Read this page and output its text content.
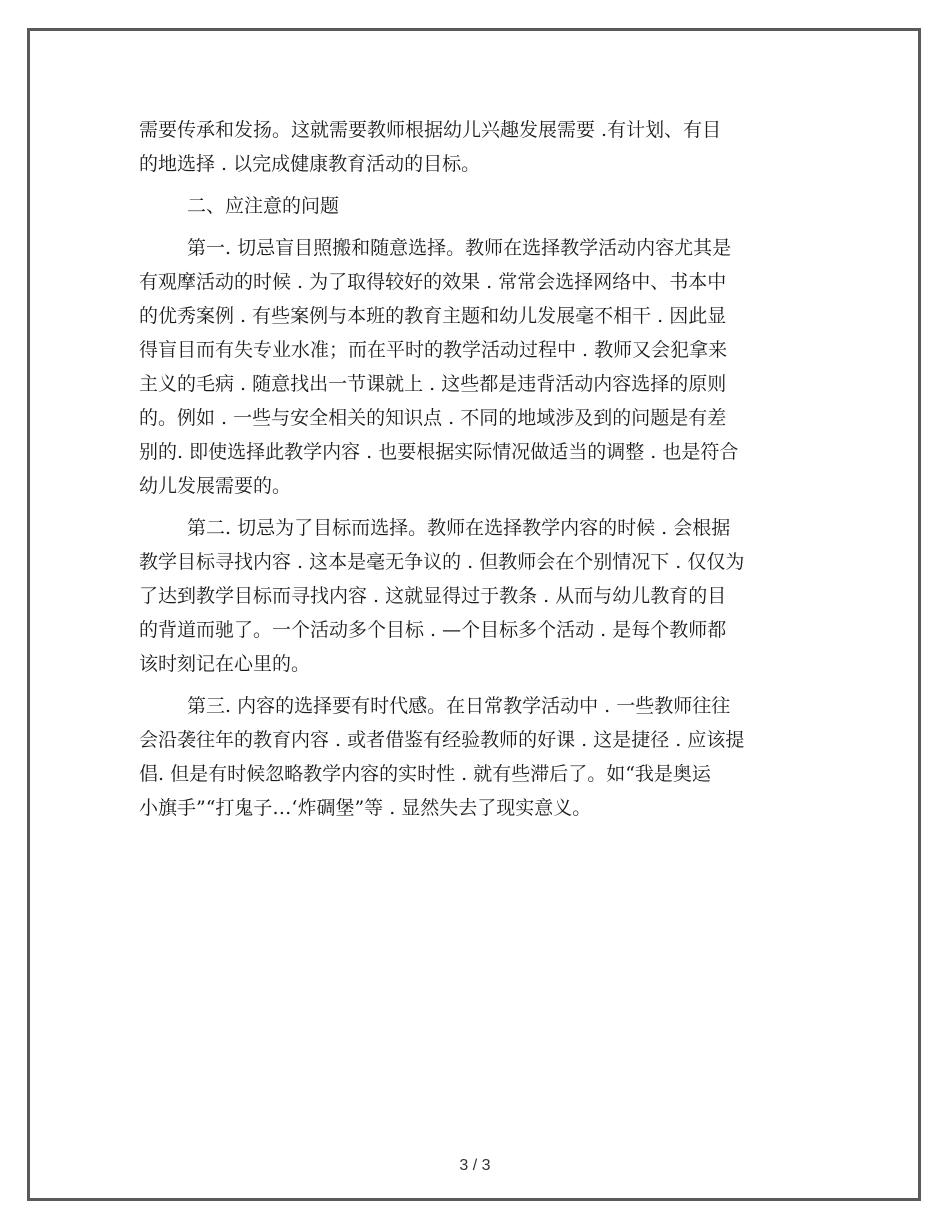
需要传承和发扬。这就需要教师根据幼儿兴趣发展需要 .有计划、有目
的地选择 . 以完成健康教育活动的目标。
二、应注意的问题
第一. 切忌盲目照搬和随意选择。教师在选择教学活动内容尤其是
有观摩活动的时候 . 为了取得较好的效果 . 常常会选择网络中、书本中
的优秀案例 . 有些案例与本班的教育主题和幼儿发展毫不相干 . 因此显
得盲目而有失专业水准；而在平时的教学活动过程中 . 教师又会犯拿来
主义的毛病 . 随意找出一节课就上 . 这些都是违背活动内容选择的原则
的。例如 . 一些与安全相关的知识点 . 不同的地域涉及到的问题是有差
别的. 即使选择此教学内容 . 也要根据实际情况做适当的调整 . 也是符合
幼儿发展需要的。
第二. 切忌为了目标而选择。教师在选择教学内容的时候 . 会根据
教学目标寻找内容 . 这本是毫无争议的 . 但教师会在个别情况下 . 仅仅为
了达到教学目标而寻找内容 . 这就显得过于教条 . 从而与幼儿教育的目
的背道而驰了。一个活动多个目标 . —个目标多个活动 . 是每个教师都
该时刻记在心里的。
第三. 内容的选择要有时代感。在日常教学活动中 . 一些教师往往
会沿袭往年的教育内容 . 或者借鉴有经验教师的好课 . 这是捷径 . 应该提
倡. 但是有时候忽略教学内容的实时性 . 就有些滞后了。如“我是奥运
小旗手”“打鬼子…‘炸碉堡”等 . 显然失去了现实意义。
3 / 3
